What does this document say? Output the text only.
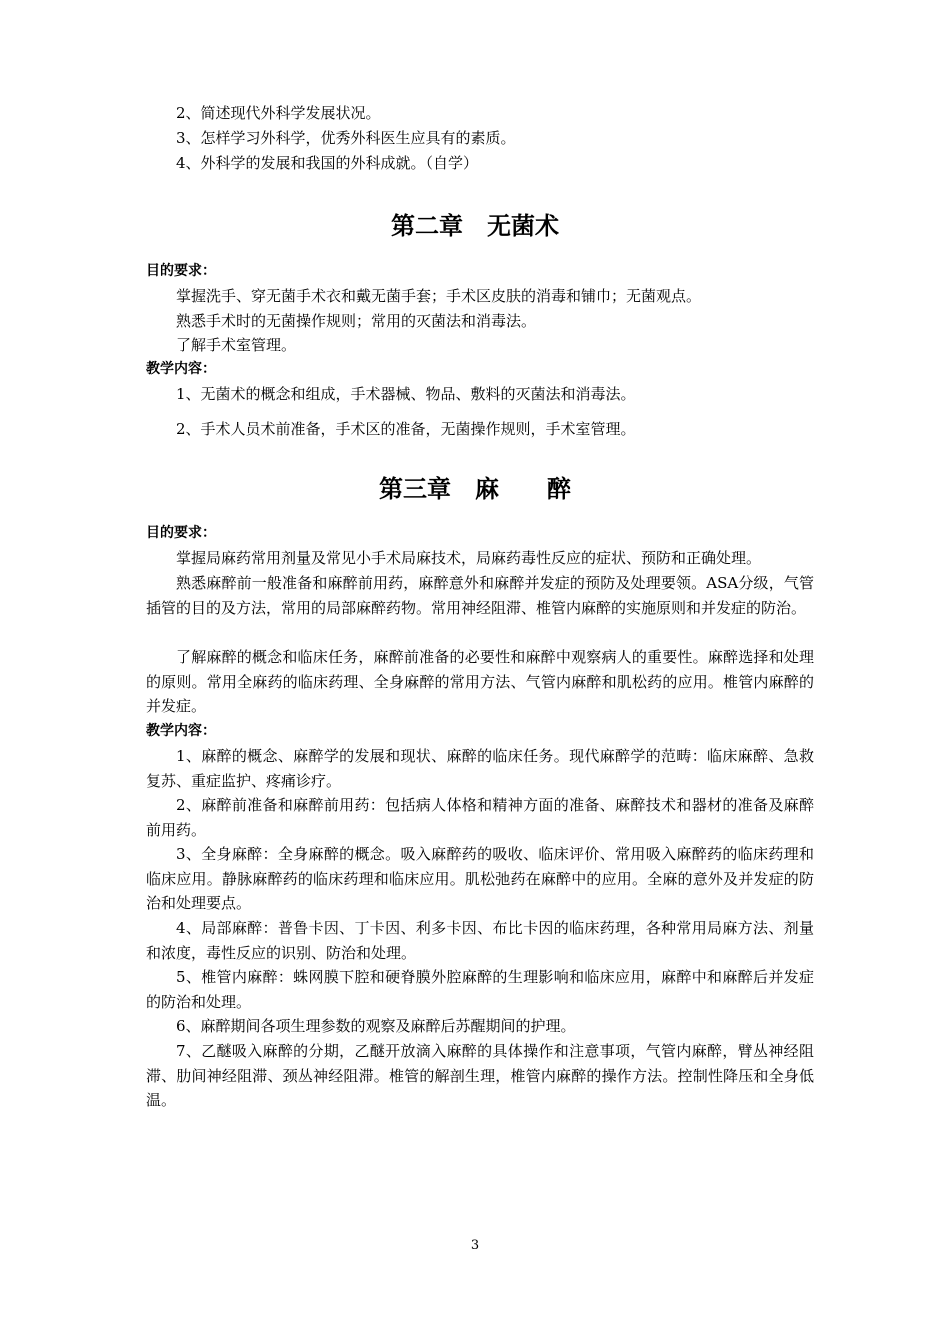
2、简述现代外科学发展状况。
3、怎样学习外科学，优秀外科医生应具有的素质。
4、外科学的发展和我国的外科成就。（自学）
第二章　无菌术
目的要求：
掌握洗手、穿无菌手术衣和戴无菌手套；手术区皮肤的消毒和铺巾；无菌观点。
熟悉手术时的无菌操作规则；常用的灭菌法和消毒法。
了解手术室管理。
教学内容：
1、无菌术的概念和组成，手术器械、物品、敷料的灭菌法和消毒法。
2、手术人员术前准备，手术区的准备，无菌操作规则，手术室管理。
第三章　麻　　醉
目的要求：
掌握局麻药常用剂量及常见小手术局麻技术，局麻药毒性反应的症状、预防和正确处理。
熟悉麻醉前一般准备和麻醉前用药，麻醉意外和麻醉并发症的预防及处理要领。ASA分级，气管插管的目的及方法，常用的局部麻醉药物。常用神经阻滞、椎管内麻醉的实施原则和并发症的防治。
了解麻醉的概念和临床任务，麻醉前准备的必要性和麻醉中观察病人的重要性。麻醉选择和处理的原则。常用全麻药的临床药理、全身麻醉的常用方法、气管内麻醉和肌松药的应用。椎管内麻醉的并发症。
教学内容：
1、麻醉的概念、麻醉学的发展和现状、麻醉的临床任务。现代麻醉学的范畴：临床麻醉、急救复苏、重症监护、疼痛诊疗。
2、麻醉前准备和麻醉前用药：包括病人体格和精神方面的准备、麻醉技术和器材的准备及麻醉前用药。
3、全身麻醉：全身麻醉的概念。吸入麻醉药的吸收、临床评价、常用吸入麻醉药的临床药理和临床应用。静脉麻醉药的临床药理和临床应用。肌松弛药在麻醉中的应用。全麻的意外及并发症的防治和处理要点。
4、局部麻醉：普鲁卡因、丁卡因、利多卡因、布比卡因的临床药理，各种常用局麻方法、剂量和浓度，毒性反应的识别、防治和处理。
5、椎管内麻醉：蛛网膜下腔和硬脊膜外腔麻醉的生理影响和临床应用，麻醉中和麻醉后并发症的防治和处理。
6、麻醉期间各项生理参数的观察及麻醉后苏醒期间的护理。
7、乙醚吸入麻醉的分期，乙醚开放滴入麻醉的具体操作和注意事项，气管内麻醉，臂丛神经阻滞、肋间神经阻滞、颈丛神经阻滞。椎管的解剖生理，椎管内麻醉的操作方法。控制性降压和全身低温。
3
